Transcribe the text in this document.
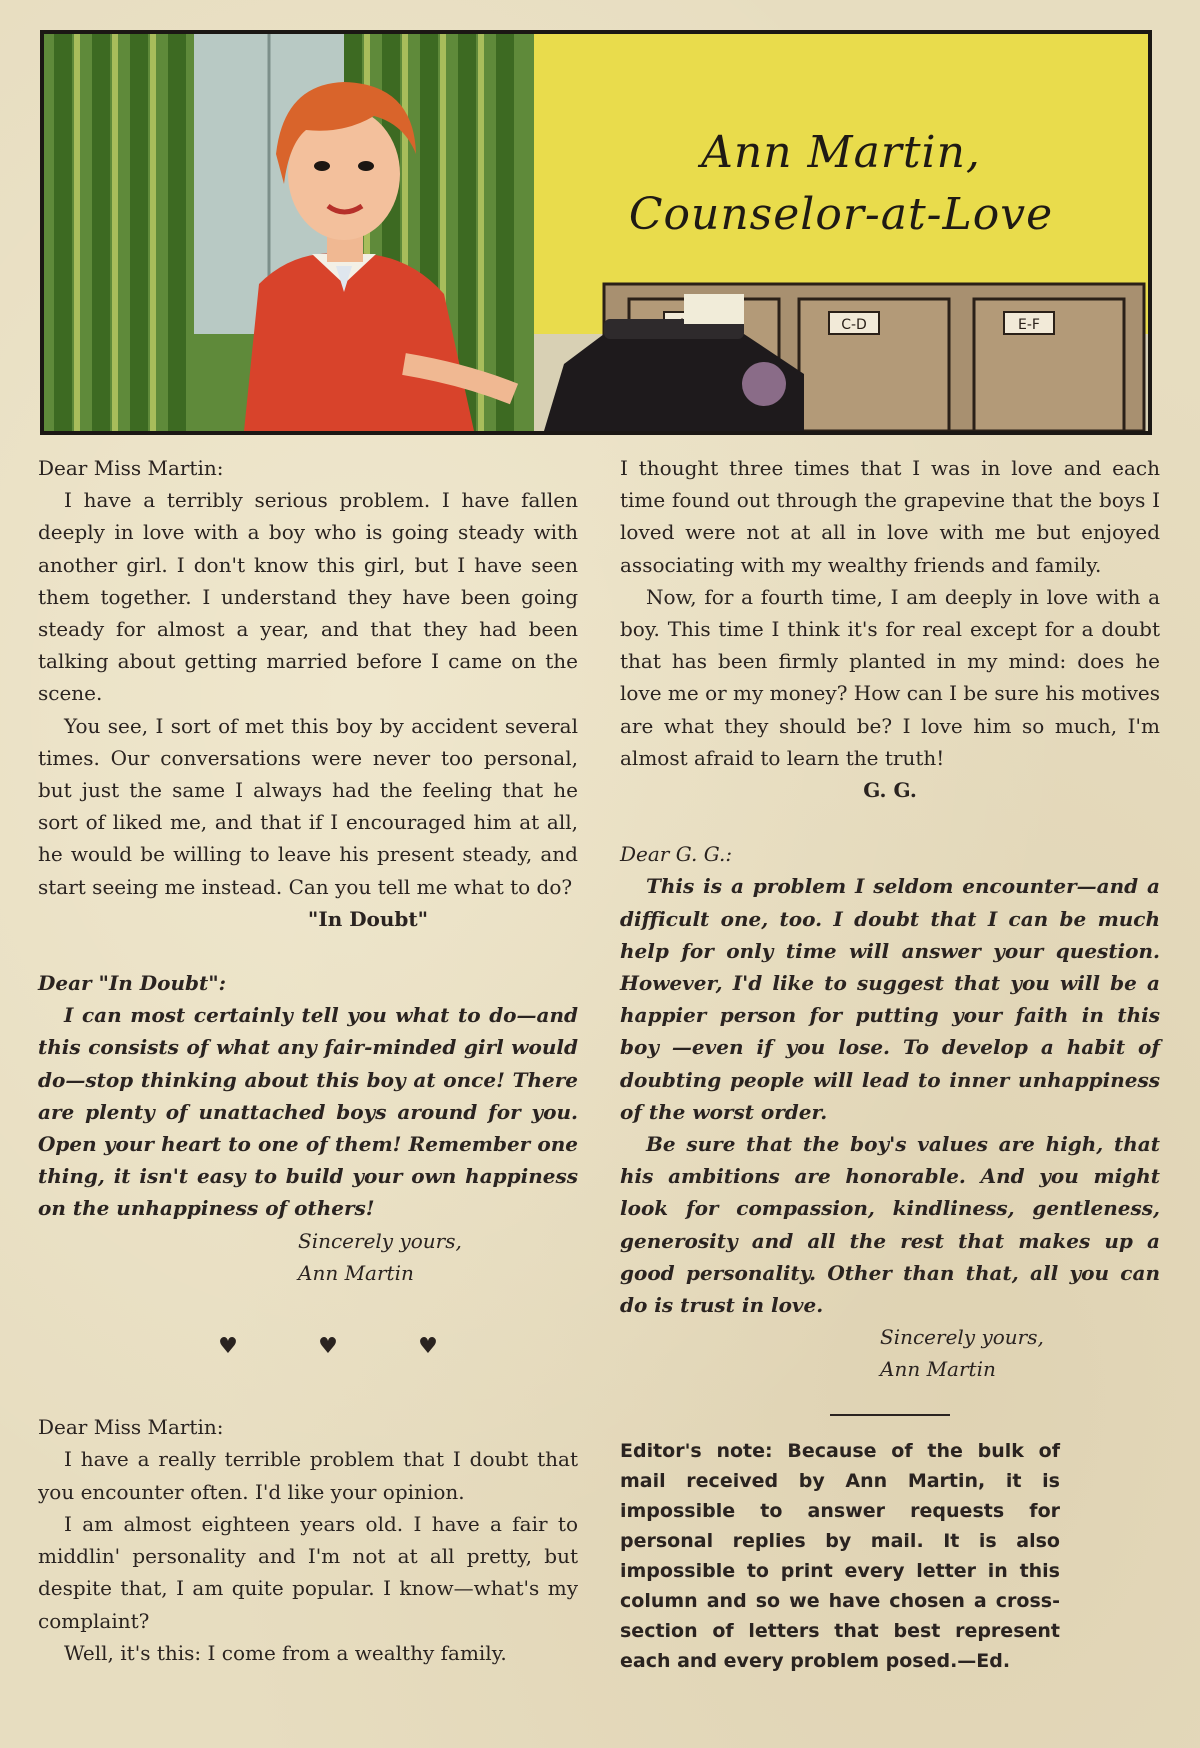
C-D	E-F
Ann Martin,
Counselor-at-Love

Dear Miss Martin:

I have a terribly serious problem. I have fallen deeply in love with a boy who is going steady with another girl. I don't know this girl, but I have seen them together. I understand they have been going steady for almost a year, and that they had been talking about getting married before I came on the scene.

You see, I sort of met this boy by accident several times. Our conversations were never too personal, but just the same I always had the feeling that he sort of liked me, and that if I encouraged him at all, he would be willing to leave his present steady, and start seeing me instead. Can you tell me what to do?

"In Doubt"

Dear "In Doubt":

I can most certainly tell you what to do—and this consists of what any fair-minded girl would do—stop thinking about this boy at once! There are plenty of unattached boys around for you. Open your heart to one of them! Remember one thing, it isn't easy to build your own happiness on the unhappiness of others!

Sincerely yours,

Ann Martin

♥	♥	♥

Dear Miss Martin:

I have a really terrible problem that I doubt that you encounter often. I'd like your opinion.

I am almost eighteen years old. I have a fair to middlin' personality and I'm not at all pretty, but despite that, I am quite popular. I know—what's my complaint?

Well, it's this: I come from a wealthy family.

I thought three times that I was in love and each time found out through the grapevine that the boys I loved were not at all in love with me but enjoyed associating with my wealthy friends and family.

Now, for a fourth time, I am deeply in love with a boy. This time I think it's for real except for a doubt that has been firmly planted in my mind: does he love me or my money? How can I be sure his motives are what they should be? I love him so much, I'm almost afraid to learn the truth!

G. G.

Dear G. G.:

This is a problem I seldom encounter—and a difficult one, too. I doubt that I can be much help for only time will answer your question. However, I'd like to suggest that you will be a happier person for putting your faith in this boy —even if you lose. To develop a habit of doubting people will lead to inner unhappiness of the worst order.

Be sure that the boy's values are high, that his ambitions are honorable. And you might look for compassion, kindliness, gentleness, generosity and all the rest that makes up a good personality. Other than that, all you can do is trust in love.

Sincerely yours,

Ann Martin

Editor's note: Because of the bulk of mail received by Ann Martin, it is impossible to answer requests for personal replies by mail. It is also impossible to print every letter in this column and so we have chosen a cross-section of letters that best represent each and every problem posed.—Ed.
